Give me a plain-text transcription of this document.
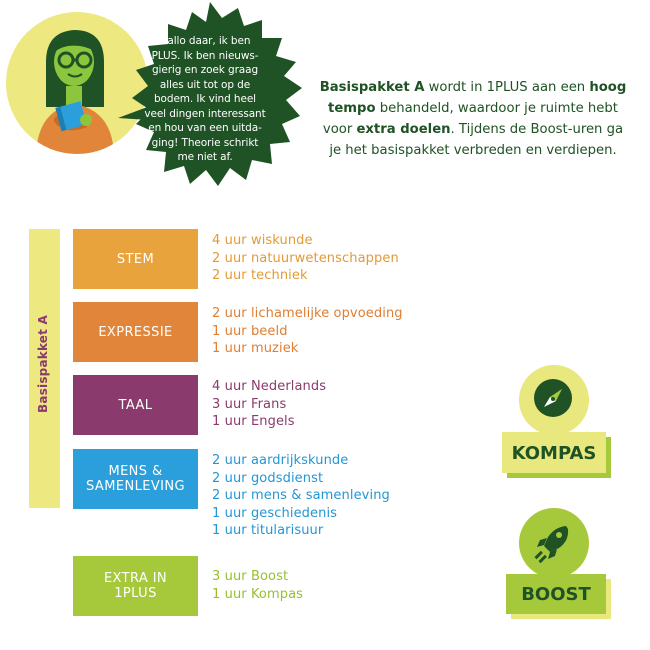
Hallo daar, ik ben
PLUS. Ik ben nieuws-
gierig en zoek graag
alles uit tot op de
bodem. Ik vind heel
veel dingen interessant
en hou van een uitda-
ging! Theorie schrikt
me niet af.

Basispakket A wordt in 1PLUS aan een hoog tempo behandeld, waardoor je ruimte hebt voor extra doelen. Tijdens de Boost-uren ga je het basispakket verbreden en verdiepen.

Basispakket A
STEM
4 uur wiskunde
2 uur natuurwetenschappen
2 uur techniek
EXPRESSIE
2 uur lichamelijke opvoeding
1 uur beeld
1 uur muziek
TAAL
4 uur Nederlands
3 uur Frans
1 uur Engels
MENS &
SAMENLEVING
2 uur aardrijkskunde
2 uur godsdienst
2 uur mens & samenleving
1 uur geschiedenis
1 uur titularisuur
EXTRA IN
1PLUS
3 uur Boost
1 uur Kompas
KOMPAS
BOOST
